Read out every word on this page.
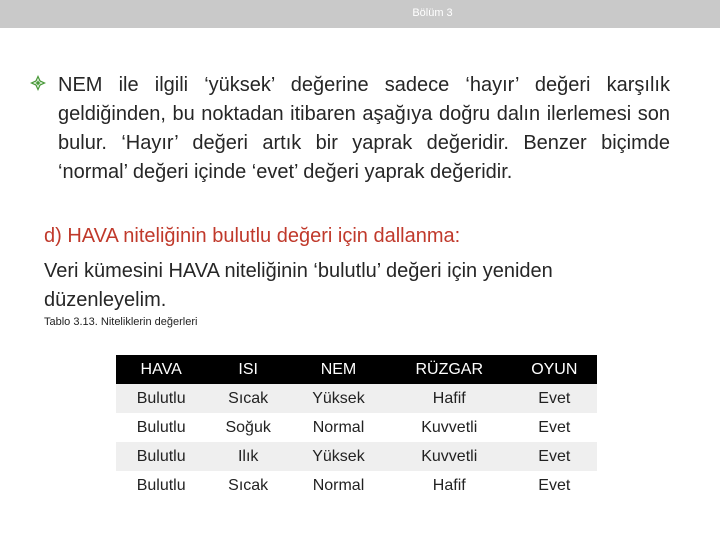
Bölüm 3
NEM ile ilgili ‘yüksek’ değerine sadece ‘hayır’ değeri karşılık geldiğinden, bu noktadan itibaren aşağıya doğru dalın ilerlemesi son bulur. ‘Hayır’ değeri artık bir yaprak değeridir. Benzer biçimde ‘normal’ değeri içinde ‘evet’ değeri yaprak değeridir.
d) HAVA niteliğinin bulutlu değeri için dallanma:
Veri kümesini HAVA niteliğinin ‘bulutlu’ değeri için yeniden düzenleyelim.
Tablo 3.13. Niteliklerin değerleri
HAVA	ISI	NEM	RÜZGAR	OYUN
Bulutlu	Sıcak	Yüksek	Hafif	Evet
Bulutlu	Soğuk	Normal	Kuvvetli	Evet
Bulutlu	Ilık	Yüksek	Kuvvetli	Evet
Bulutlu	Sıcak	Normal	Hafif	Evet
